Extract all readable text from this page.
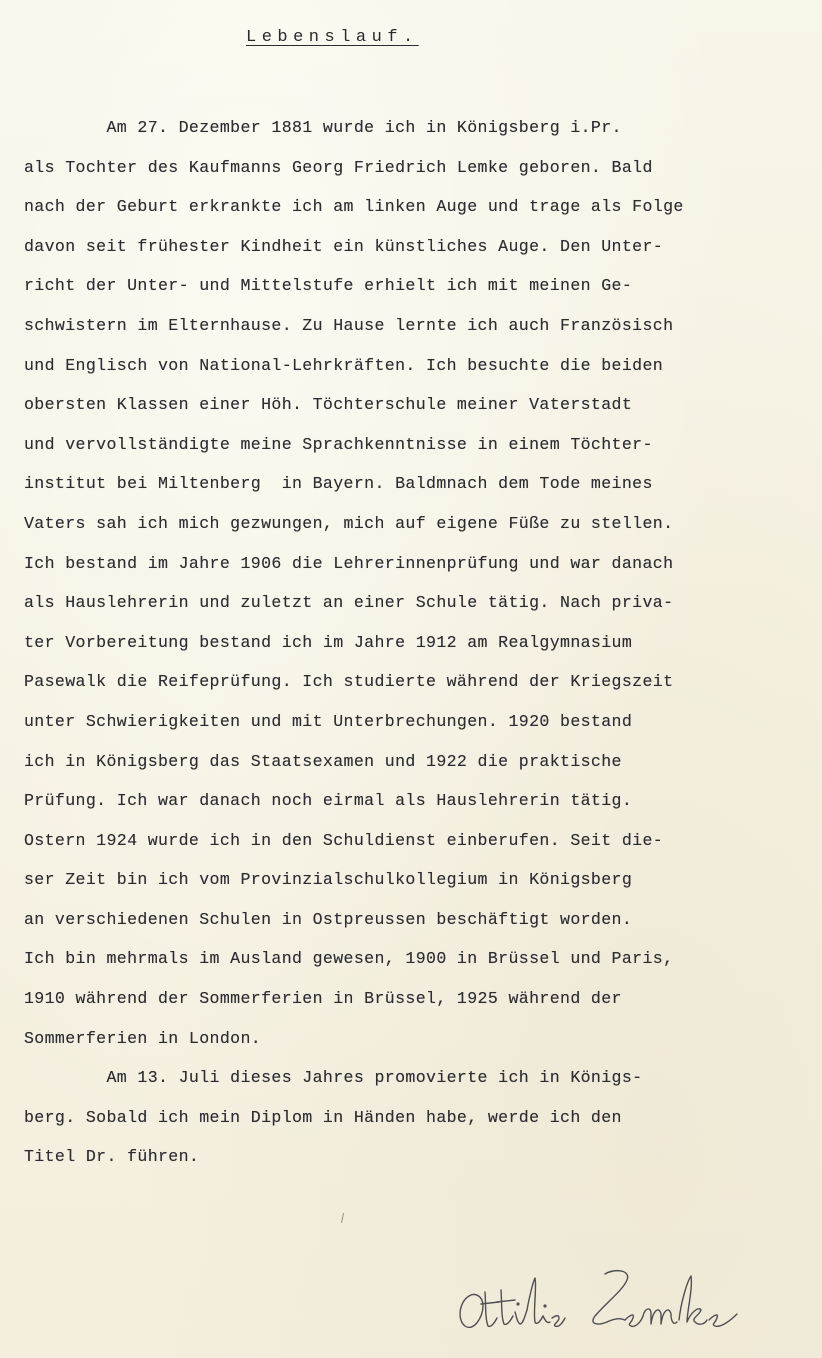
Lebenslauf.
Am 27. Dezember 1881 wurde ich in Königsberg i.Pr.
als Tochter des Kaufmanns Georg Friedrich Lemke geboren. Bald
nach der Geburt erkrankte ich am linken Auge und trage als Folge
davon seit frühester Kindheit ein künstliches Auge. Den Unter-
richt der Unter- und Mittelstufe erhielt ich mit meinen Ge-
schwistern im Elternhause. Zu Hause lernte ich auch Französisch
und Englisch von National-Lehrkräften. Ich besuchte die beiden
obersten Klassen einer Höh. Töchterschule meiner Vaterstadt
und vervollständigte meine Sprachkenntnisse in einem Töchter-
institut bei Miltenberg  in Bayern. Baldmnach dem Tode meines
Vaters sah ich mich gezwungen, mich auf eigene Füße zu stellen.
Ich bestand im Jahre 1906 die Lehrerinnenprüfung und war danach
als Hauslehrerin und zuletzt an einer Schule tätig. Nach priva-
ter Vorbereitung bestand ich im Jahre 1912 am Realgymnasium
Pasewalk die Reifeprüfung. Ich studierte während der Kriegszeit
unter Schwierigkeiten und mit Unterbrechungen. 1920 bestand
ich in Königsberg das Staatsexamen und 1922 die praktische
Prüfung. Ich war danach noch eirmal als Hauslehrerin tätig.
Ostern 1924 wurde ich in den Schuldienst einberufen. Seit die-
ser Zeit bin ich vom Provinzialschulkollegium in Königsberg
an verschiedenen Schulen in Ostpreussen beschäftigt worden.
Ich bin mehrmals im Ausland gewesen, 1900 in Brüssel und Paris,
1910 während der Sommerferien in Brüssel, 1925 während der
Sommerferien in London.
Am 13. Juli dieses Jahres promovierte ich in Königs-
berg. Sobald ich mein Diplom in Händen habe, werde ich den
Titel Dr. führen.
